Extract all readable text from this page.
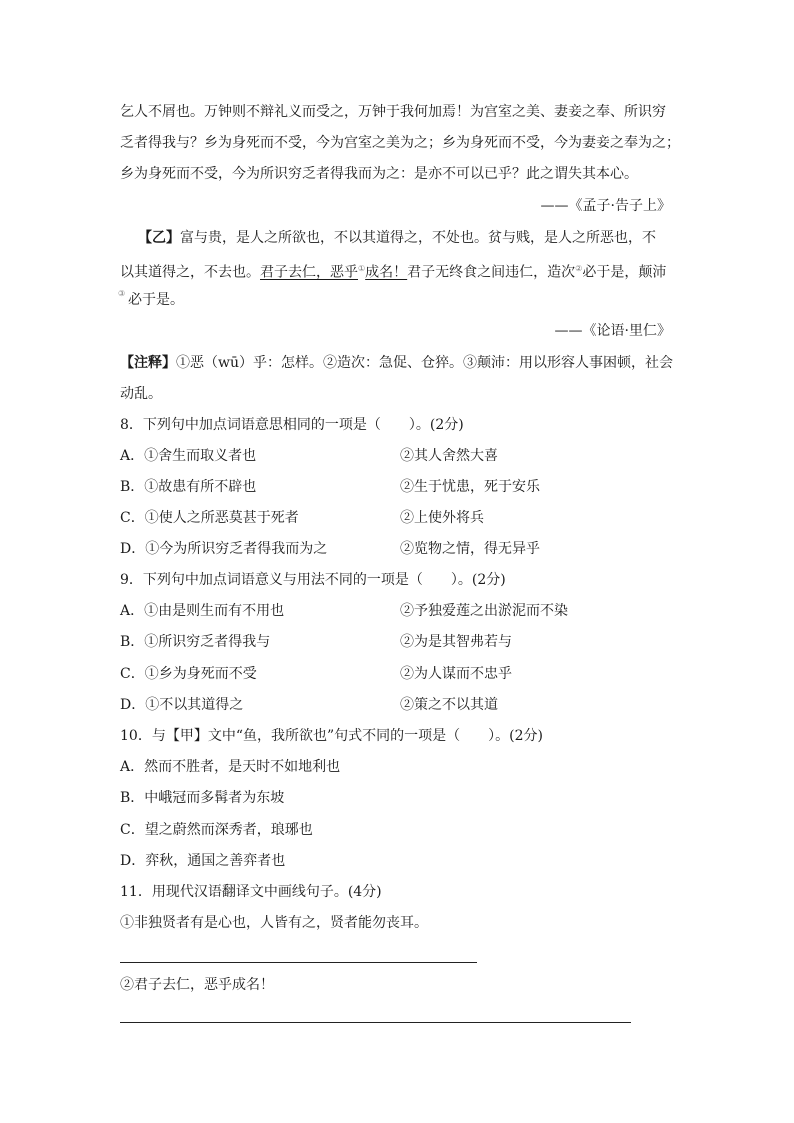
乞人不屑也。万钟则不辩礼义而受之，万钟于我何加焉！为宫室之美、妻妾之奉、所识穷
乏者得我与？乡为身死而不受，今为宫室之美为之；乡为身死而不受，今为妻妾之奉为之；
乡为身死而不受，今为所识穷乏者得我而为之：是亦不可以已乎？此之谓失其本心。
——《孟子·告子上》
【乙】富与贵，是人之所欲也，不以其道得之，不处也。贫与贱，是人之所恶也，不
以其道得之，不去也。君子去仁，恶乎①成名！君子无终食之间违仁，造次②必于是，颠沛
③ 必于是。
——《论语·里仁》
【注释】①恶（wū）乎：怎样。②造次：急促、仓猝。③颠沛：用以形容人事困顿，社会
动乱。
8．下列句中加点词语意思相同的一项是（　　）。(2分)
A．①舍生而取义者也	②其人舍然大喜
B．①故患有所不辟也	②生于忧患，死于安乐
C．①使人之所恶莫甚于死者	②上使外将兵
D．①今为所识穷乏者得我而为之	②览物之情，得无异乎
9．下列句中加点词语意义与用法不同的一项是（　　）。(2分)
A．①由是则生而有不用也	②予独爱莲之出淤泥而不染
B．①所识穷乏者得我与	②为是其智弗若与
C．①乡为身死而不受	②为人谋而不忠乎
D．①不以其道得之	②策之不以其道
10．与【甲】文中“鱼，我所欲也”句式不同的一项是（　　）。(2分)
A．然而不胜者，是天时不如地利也
B．中峨冠而多髯者为东坡
C．望之蔚然而深秀者，琅琊也
D．弈秋，通国之善弈者也
11．用现代汉语翻译文中画线句子。(4分)
①非独贤者有是心也，人皆有之，贤者能勿丧耳。
②君子去仁，恶乎成名！
